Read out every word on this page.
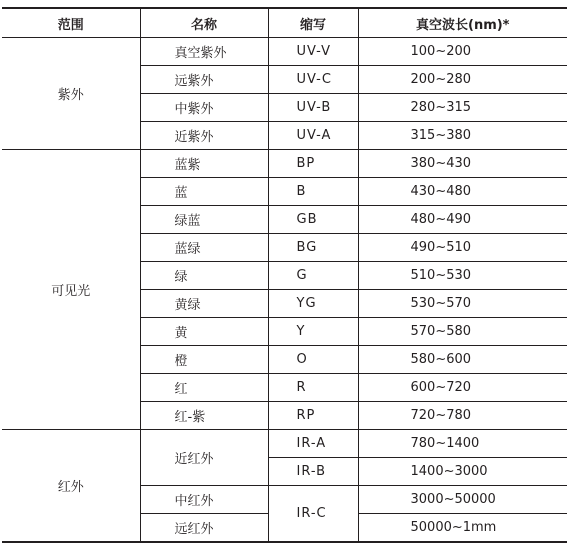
范围	名称	缩写	真空波长(nm)*
紫外	真空紫外	UV-V	100~200
	远紫外	UV-C	200~280
	中紫外	UV-B	280~315
	近紫外	UV-A	315~380
可见光	蓝紫	BP	380~430
	蓝	B	430~480
	绿蓝	GB	480~490
	蓝绿	BG	490~510
	绿	G	510~530
	黄绿	YG	530~570
	黄	Y	570~580
	橙	O	580~600
	红	R	600~720
	红-紫	RP	720~780
红外	近红外	IR-A	780~1400
		IR-B	1400~3000
	中红外	IR-C	3000~50000
	远红外		50000~1mm
